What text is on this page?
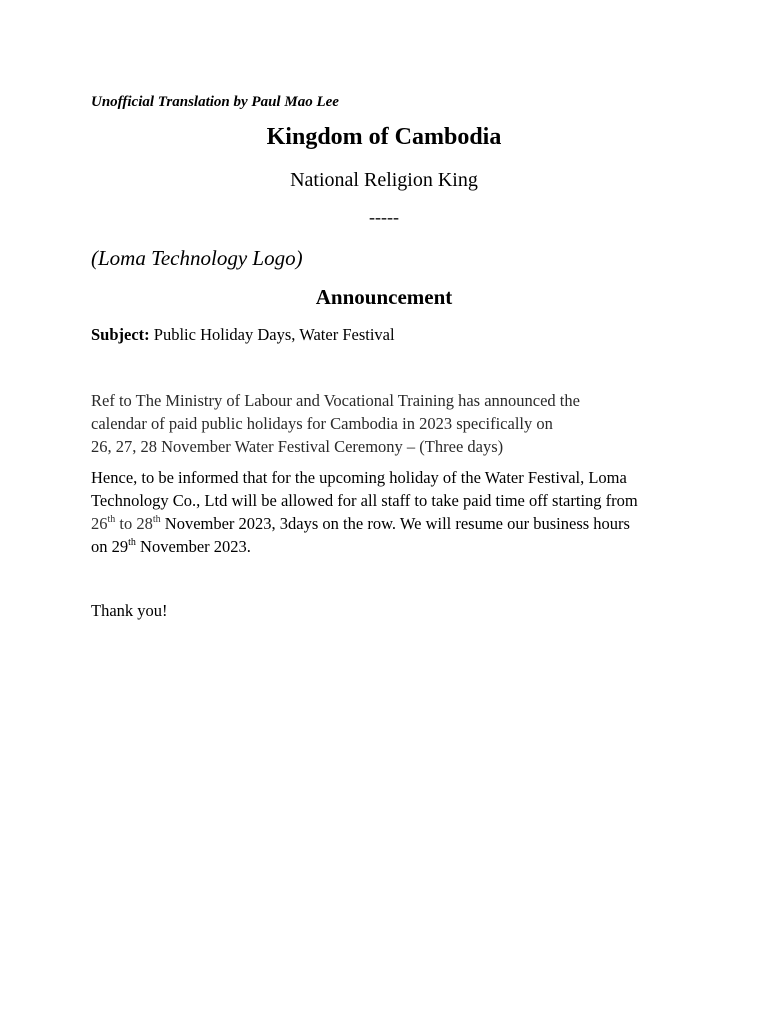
Unofficial Translation by Paul Mao Lee
Kingdom of Cambodia
National Religion King
-----
(Loma Technology Logo)
Announcement
Subject: Public Holiday Days, Water Festival
Ref to The Ministry of Labour and Vocational Training has announced the
calendar of paid public holidays for Cambodia in 2023 specifically on
26, 27, 28 November Water Festival Ceremony – (Three days)
Hence, to be informed that for the upcoming holiday of the Water Festival, Loma
Technology Co., Ltd will be allowed for all staff to take paid time off starting from
26th to 28th November 2023, 3days on the row. We will resume our business hours
on 29th November 2023.
Thank you!
